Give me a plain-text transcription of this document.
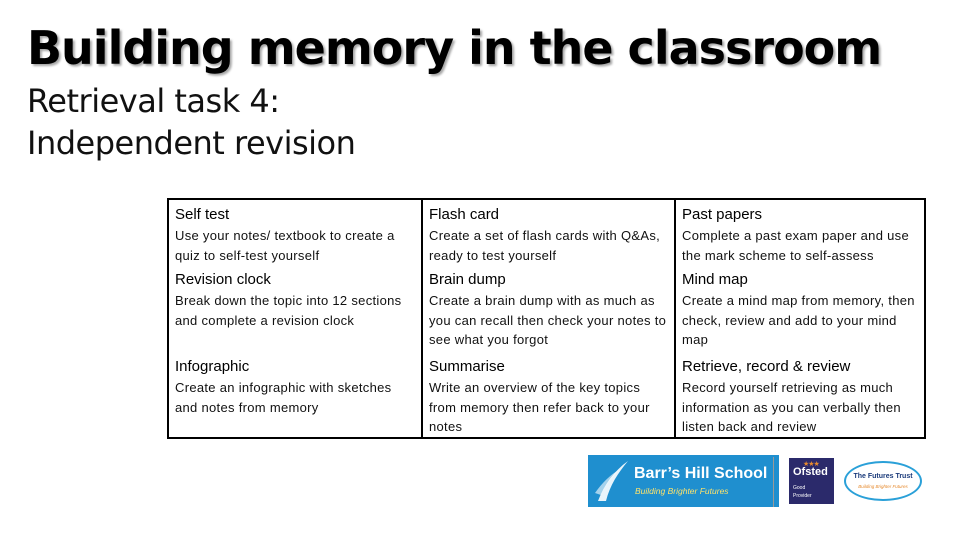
Building memory in the classroom
Retrieval task 4:
Independent revision
Self test
Use your notes/ textbook to create a quiz to self-test yourself
Flash card
Create a set of flash cards with Q&As, ready to test yourself
Past papers
Complete a past exam paper and use the mark scheme to self-assess
Revision clock
Break down the topic into 12 sections and complete a revision clock
Brain dump
Create a brain dump with as much as you can recall then check your notes to see what you forgot
Mind map
Create a mind map from memory, then check, review and add to your mind map
Infographic
Create an infographic with sketches and notes from memory
Summarise
Write an overview of the key topics from memory then refer back to your notes
Retrieve, record & review
Record yourself retrieving as much information as you can verbally then listen back and review
Barr’s Hill School
Building Brighter Futures
★★★
Ofsted
Good
Provider
The Futures Trust
Building Brighter Futures
